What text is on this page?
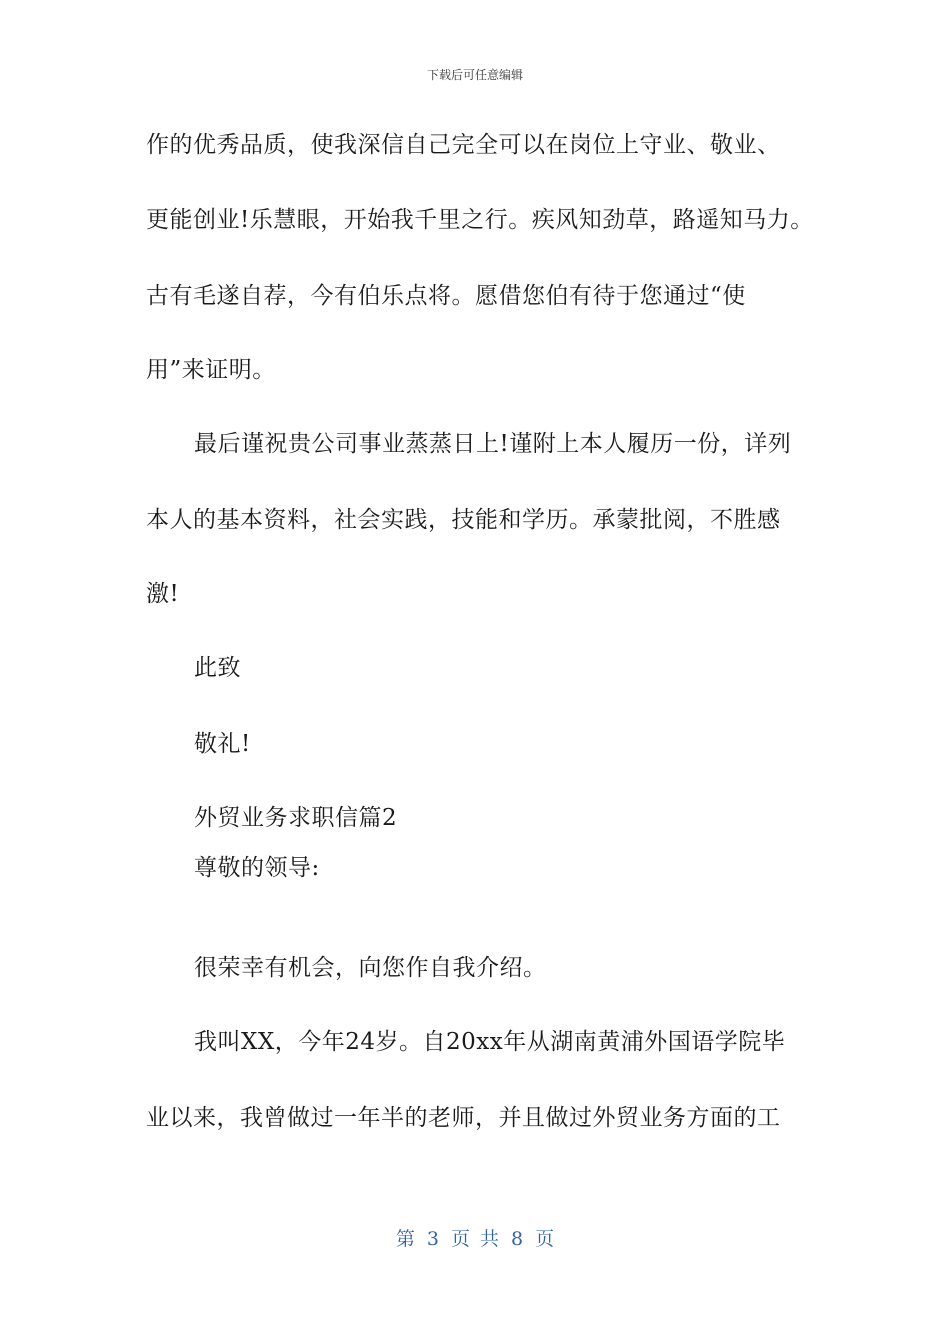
下载后可任意编辑
作的优秀品质，使我深信自己完全可以在岗位上守业、敬业、
更能创业!乐慧眼，开始我千里之行。疾风知劲草，路遥知马力。
古有毛遂自荐，今有伯乐点将。愿借您伯有待于您通过“使
用”来证明。
最后谨祝贵公司事业蒸蒸日上!谨附上本人履历一份，详列
本人的基本资料，社会实践，技能和学历。承蒙批阅，不胜感
激!
此致
敬礼!
外贸业务求职信篇2
尊敬的领导:
很荣幸有机会，向您作自我介绍。
我叫XX，今年24岁。自20xx年从湖南黄浦外国语学院毕
业以来，我曾做过一年半的老师，并且做过外贸业务方面的工
第 3 页 共 8 页
